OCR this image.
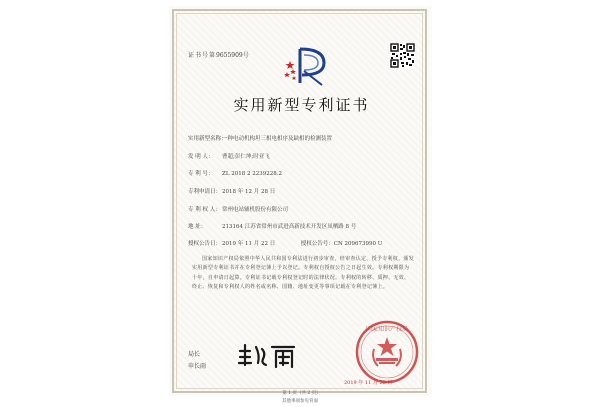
证书号第9655909号
实用新型专利证书
实用新型名称：一种电动机构坦三相电相序及缺相的检测装置
发 明 人： 曹超;彭仁坤;时亚飞
专 利 号： ZL 2018 2 2239228.2
专利申请日：2018 年 12 月 28 日
专 利 权 人：常州电站辅机股份有限公司
地 址：	213164 江苏省常州市武进高新技术开发区凤栖路 8 号
授权公告日：2019 年 11 月 22 日	授权公告号：CN 209673990 U
国家知识产权局依照中华人民共和国专利法进行初步审查，经审查认定，授予专利权，颁发实用新型专利证书并在专利登记簿上予以登记。专利权自授权公告之日起生效。专利权期限为十年，自申请日起算。专利证书记载专利权登记时的法律状况。专利权的转移、质押、无效、终止、恢复和专利权人的姓名或名称、国籍、地址变更等事项记载在专利登记簿上。
局长
申长雨
国家知识产权局
2019 年 11 月 22 日
第 1 页（共 2 页）
其他事项参见背面
